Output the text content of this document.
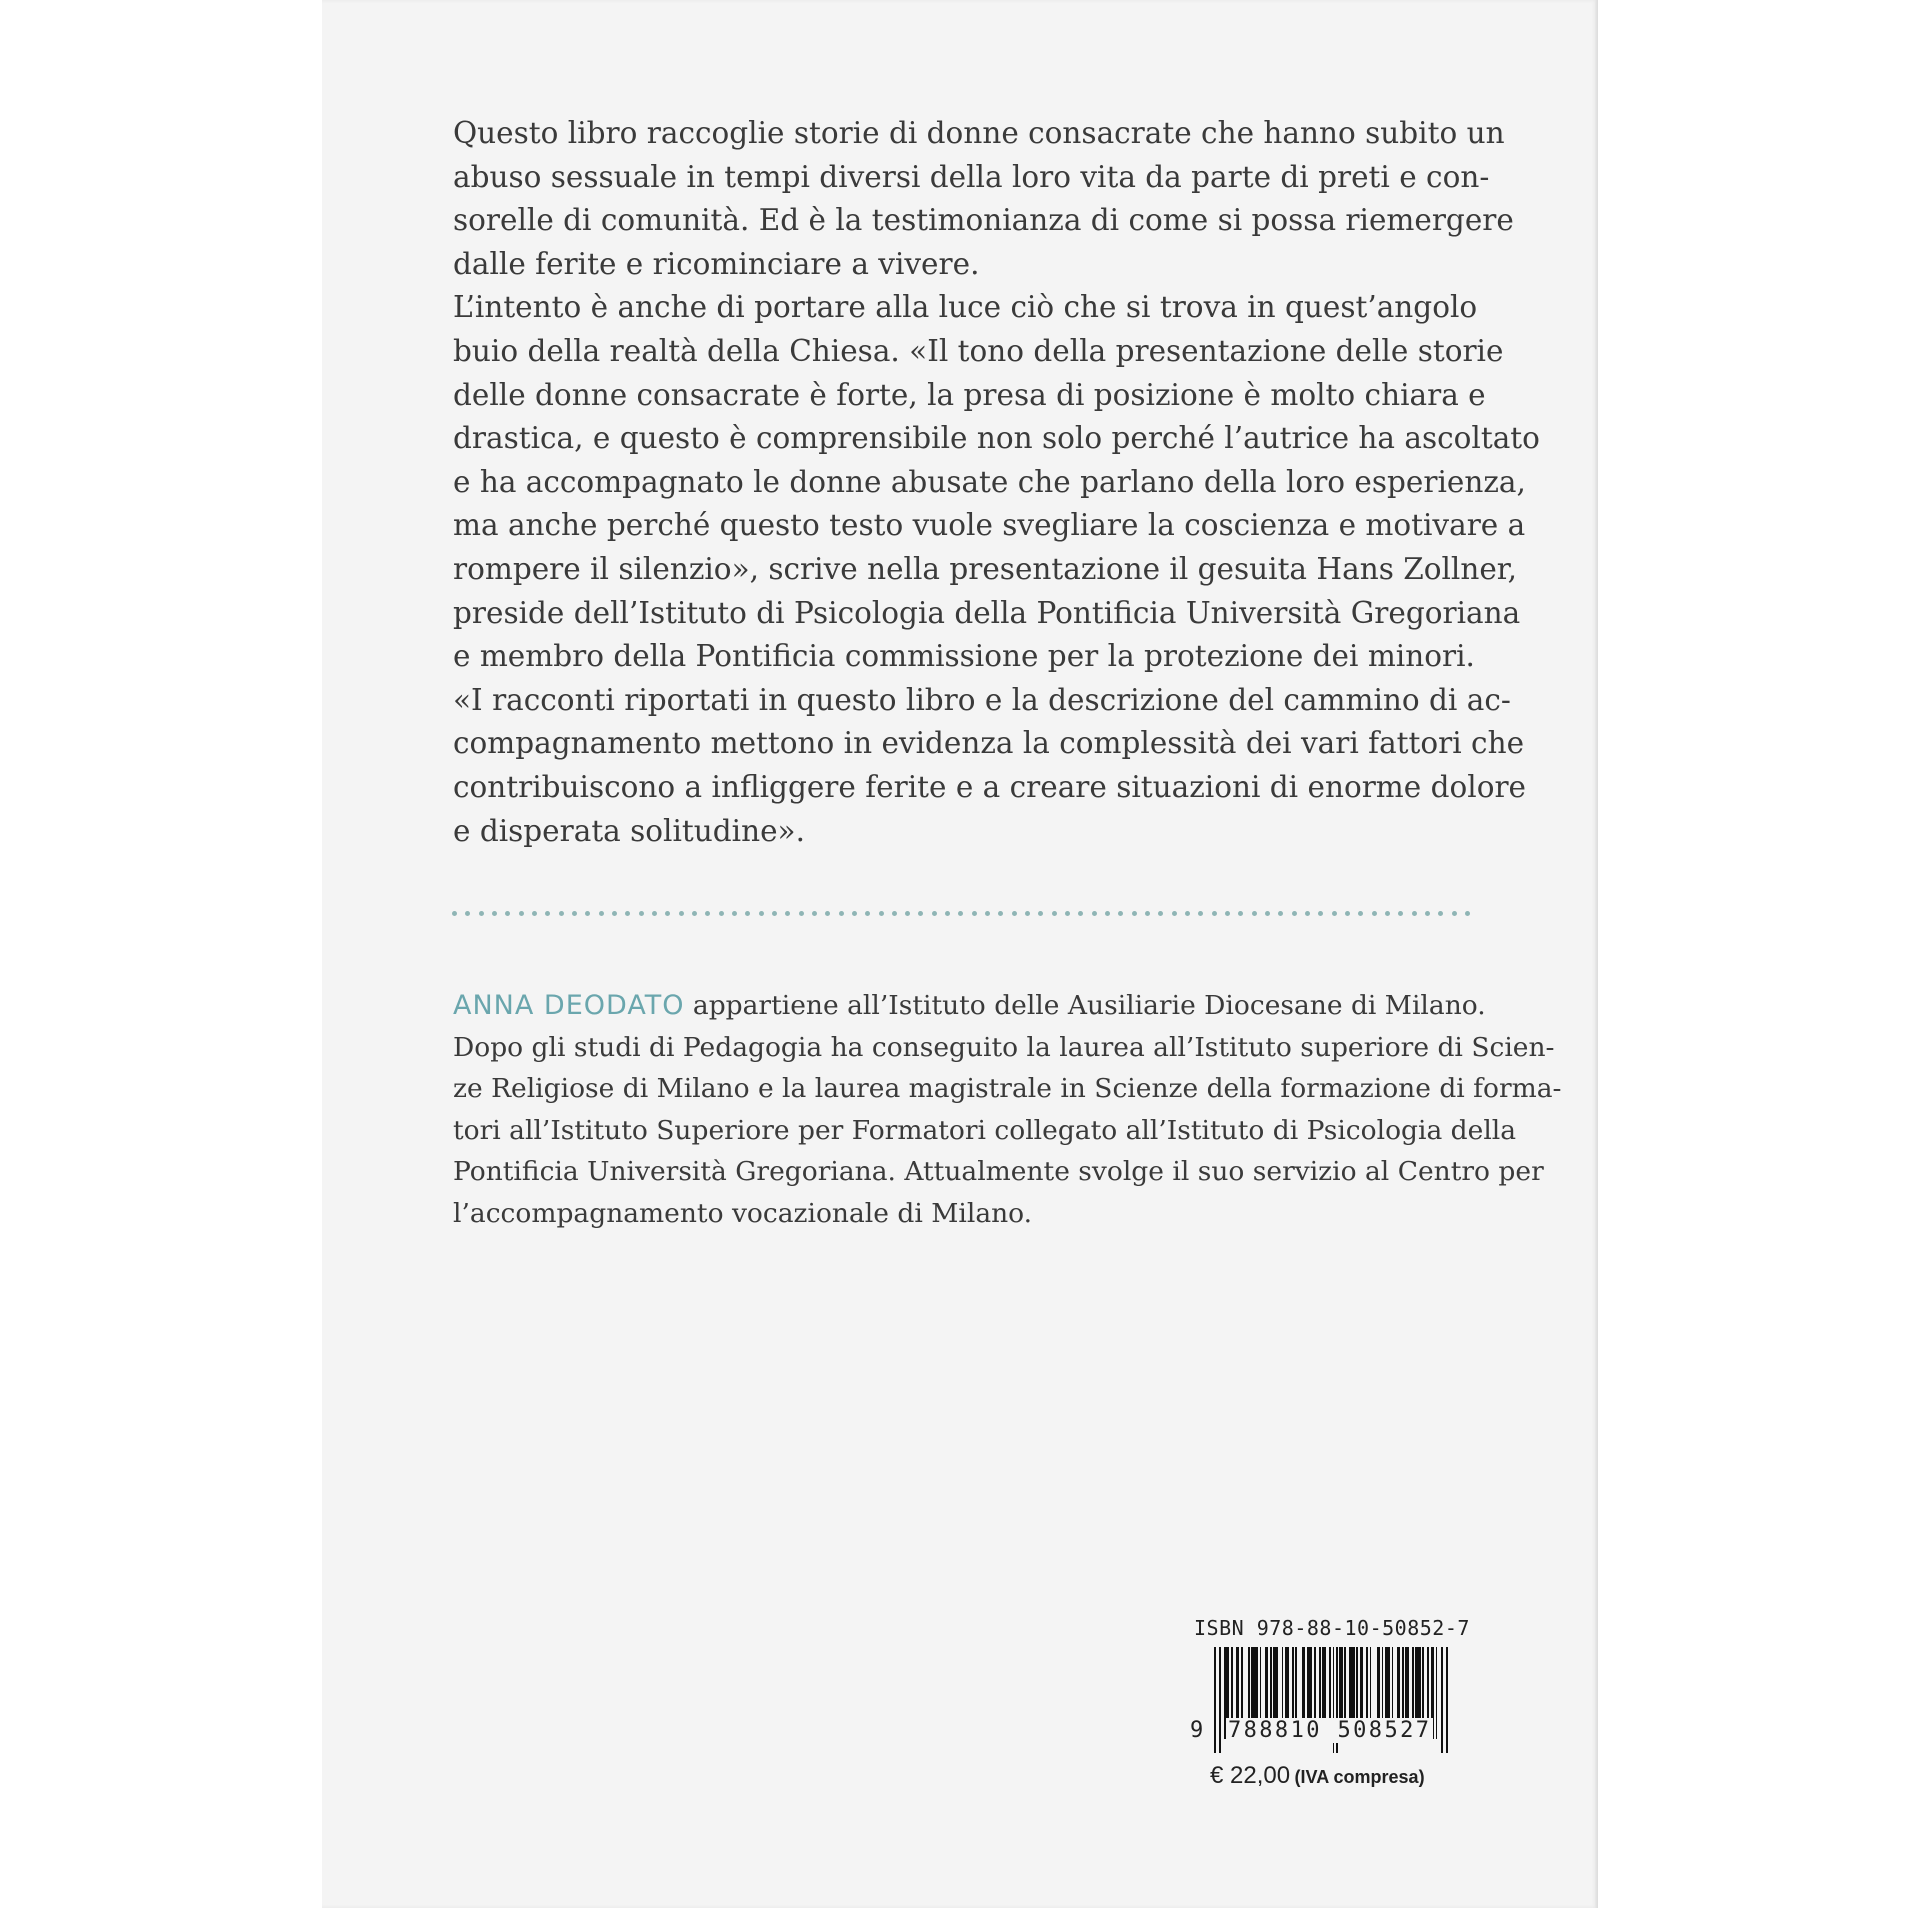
Questo libro raccoglie storie di donne consacrate che hanno subito un
abuso sessuale in tempi diversi della loro vita da parte di preti e con-
sorelle di comunità. Ed è la testimonianza di come si possa riemergere
dalle ferite e ricominciare a vivere.
L’intento è anche di portare alla luce ciò che si trova in quest’angolo
buio della realtà della Chiesa. «Il tono della presentazione delle storie
delle donne consacrate è forte, la presa di posizione è molto chiara e
drastica, e questo è comprensibile non solo perché l’autrice ha ascoltato
e ha accompagnato le donne abusate che parlano della loro esperienza,
ma anche perché questo testo vuole svegliare la coscienza e motivare a
rompere il silenzio», scrive nella presentazione il gesuita Hans Zollner,
preside dell’Istituto di Psicologia della Pontificia Università Gregoriana
e membro della Pontificia commissione per la protezione dei minori.
«I racconti riportati in questo libro e la descrizione del cammino di ac-
compagnamento mettono in evidenza la complessità dei vari fattori che
contribuiscono a infliggere ferite e a creare situazioni di enorme dolore
e disperata solitudine».
ANNA DEODATO appartiene all’Istituto delle Ausiliarie Diocesane di Milano.
Dopo gli studi di Pedagogia ha conseguito la laurea all’Istituto superiore di Scien-
ze Religiose di Milano e la laurea magistrale in Scienze della formazione di forma-
tori all’Istituto Superiore per Formatori collegato all’Istituto di Psicologia della
Pontificia Università Gregoriana. Attualmente svolge il suo servizio al Centro per
l’accompagnamento vocazionale di Milano.
ISBN 978-88-10-50852-7
9 788810 508527
€ 22,00 (IVA compresa)
